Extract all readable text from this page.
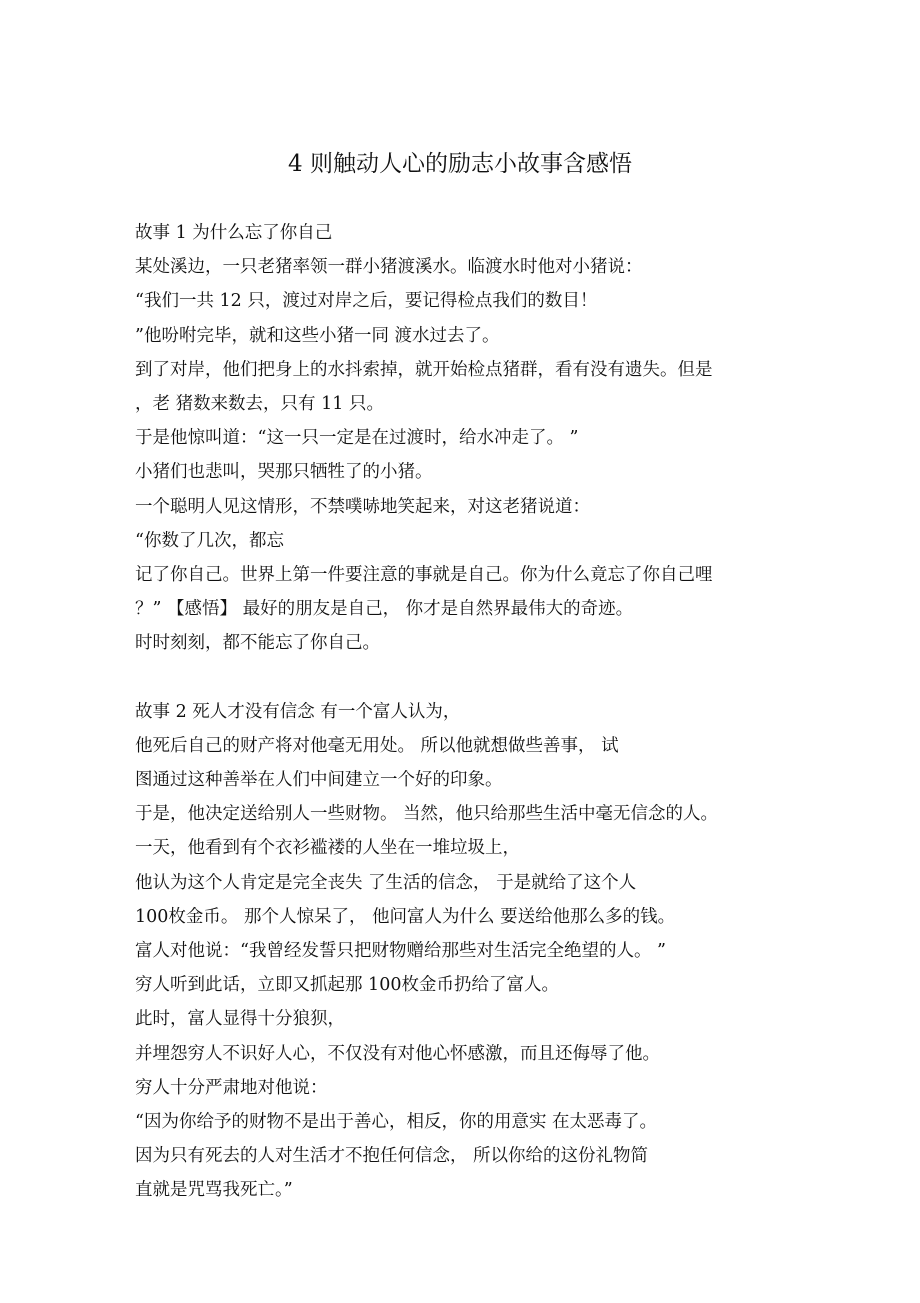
4 则触动人心的励志小故事含感悟
故事 1 为什么忘了你自己
某处溪边，一只老猪率领一群小猪渡溪水。临渡水时他对小猪说：
“我们一共 12 只，渡过对岸之后，要记得检点我们的数目！
”他吩咐完毕，就和这些小猪一同 渡水过去了。
到了对岸，他们把身上的水抖索掉，就开始检点猪群，看有没有遗失。但是
，老 猪数来数去，只有 11 只。
于是他惊叫道：“这一只一定是在过渡时，给水冲走了。 ”
小猪们也悲叫，哭那只牺牲了的小猪。
一个聪明人见这情形，不禁噗哧地笑起来，对这老猪说道：
“你数了几次，都忘
记了你自己。世界上第一件要注意的事就是自己。你为什么竟忘了你自己哩
？” 【感悟】 最好的朋友是自己， 你才是自然界最伟大的奇迹。
时时刻刻，都不能忘了你自己。
故事 2 死人才没有信念 有一个富人认为，
他死后自己的财产将对他毫无用处。 所以他就想做些善事， 试
图通过这种善举在人们中间建立一个好的印象。
于是，他决定送给别人一些财物。 当然，他只给那些生活中毫无信念的人。
一天，他看到有个衣衫褴褛的人坐在一堆垃圾上，
他认为这个人肯定是完全丧失 了生活的信念， 于是就给了这个人
100枚金币。 那个人惊呆了， 他问富人为什么 要送给他那么多的钱。
富人对他说：“我曾经发誓只把财物赠给那些对生活完全绝望的人。 ”
穷人听到此话，立即又抓起那 100枚金币扔给了富人。
此时，富人显得十分狼狈，
并埋怨穷人不识好人心，不仅没有对他心怀感激，而且还侮辱了他。
穷人十分严肃地对他说：
“因为你给予的财物不是出于善心，相反，你的用意实 在太恶毒了。
因为只有死去的人对生活才不抱任何信念， 所以你给的这份礼物简
直就是咒骂我死亡。”
